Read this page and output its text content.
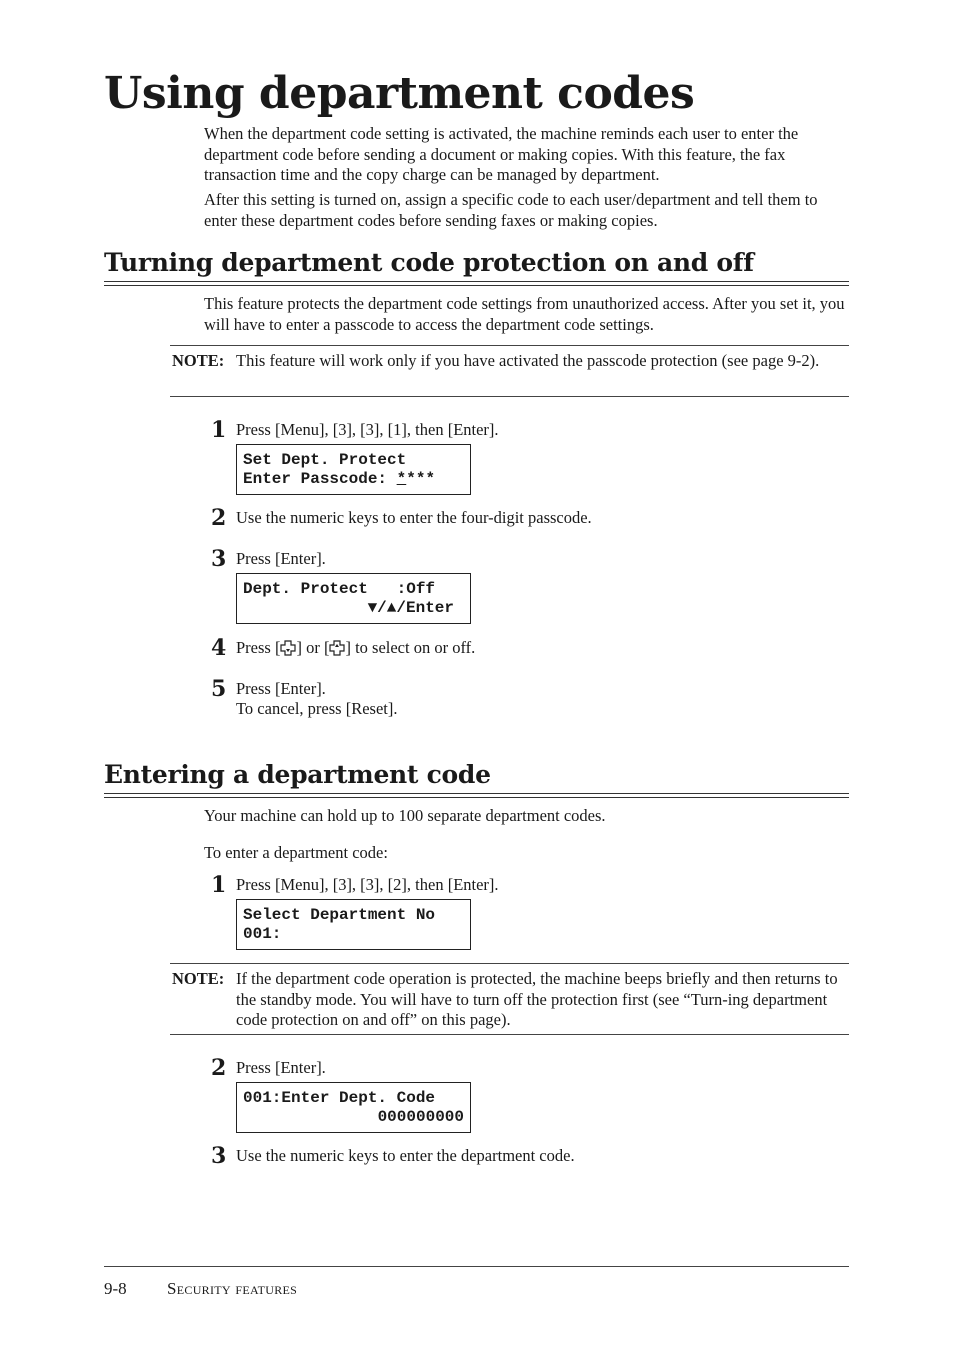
Using department codes

When the department code setting is activated, the machine reminds each user to enter the department code before sending a document or making copies. With this feature, the fax transaction time and the copy charge can be managed by department.

After this setting is turned on, assign a specific code to each user/department and tell them to enter these department codes before sending faxes or making copies.

Turning department code protection on and off

This feature protects the department code settings from unauthorized access. After you set it, you will have to enter a passcode to access the department code settings.

NOTE: This feature will work only if you have activated the passcode protection (see page 9-2).

1 Press [Menu], [3], [3], [1], then [Enter].
Set Dept. Protect
Enter Passcode: ****
2 Use the numeric keys to enter the four-digit passcode.
3 Press [Enter].
Dept. Protect   :Off
▼/▲/Enter
4 Press [ ] or [ ] to select on or off.
5 Press [Enter].
To cancel, press [Reset].
Entering a department code

Your machine can hold up to 100 separate department codes.

To enter a department code:

1 Press [Menu], [3], [3], [2], then [Enter].
Select Department No
001:
NOTE: If the department code operation is protected, the machine beeps briefly and then returns to the standby mode. You will have to turn off the protection first (see “Turn-ing department code protection on and off” on this page).

2 Press [Enter].
001:Enter Dept. Code
000000000
3 Use the numeric keys to enter the department code.
9-8 Security features
